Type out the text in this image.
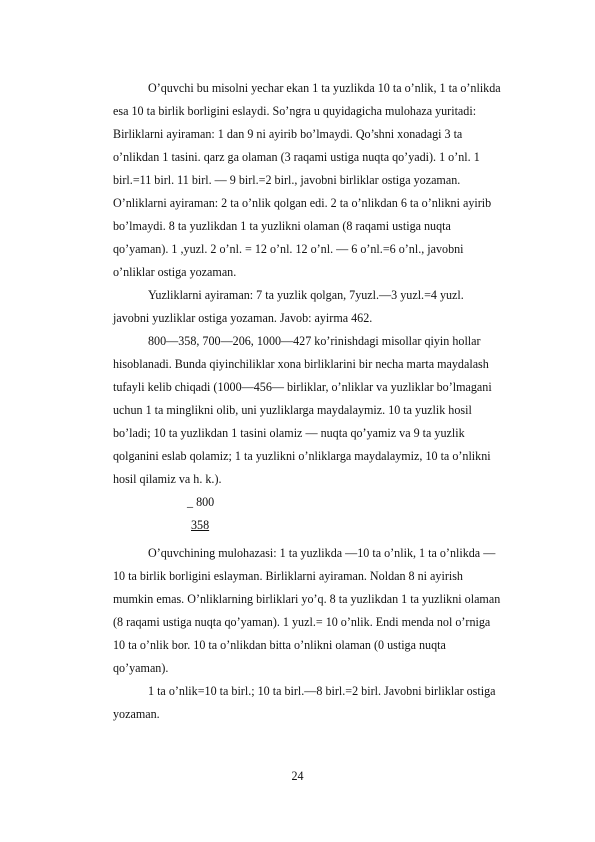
O’quvchi bu misolni yechar ekan 1 ta yuzlikda 10 ta o’nlik, 1 ta o’nlikda
esa 10 ta birlik borligini eslaydi. So’ngra u quyidagicha mulohaza yuritadi:
Birliklarni ayiraman: 1 dan 9 ni ayirib bo’lmaydi. Qo’shni xonadagi 3 ta
o’nlikdan 1 tasini. qarz ga olaman (3 raqami ustiga nuqta qo’yadi). 1 o’nl. 1
birl.=11 birl. 11 birl. — 9 birl.=2 birl., javobni birliklar ostiga yozaman.
O’nliklarni ayiraman: 2 ta o’nlik qolgan edi. 2 ta o’nlikdan 6 ta o’nlikni ayirib
bo’lmaydi. 8 ta yuzlikdan 1 ta yuzlikni olaman (8 raqami ustiga nuqta
qo’yaman). 1 ,yuzl. 2 o’nl. = 12 o’nl. 12 o’nl. — 6 o’nl.=6 o’nl., javobni
o’nliklar ostiga yozaman.
Yuzliklarni ayiraman: 7 ta yuzlik qolgan, 7yuzl.—3 yuzl.=4 yuzl.
javobni yuzliklar ostiga yozaman. Javob: ayirma 462.
800—358, 700—206, 1000—427 ko’rinishdagi misollar qiyin hollar
hisoblanadi. Bunda qiyinchiliklar xona birliklarini bir necha marta maydalash
tufayli kelib chiqadi (1000—456— birliklar, o’nliklar va yuzliklar bo’lmagani
uchun 1 ta minglikni olib, uni yuzliklarga maydalaymiz. 10 ta yuzlik hosil
bo’ladi; 10 ta yuzlikdan 1 tasini olamiz — nuqta qo’yamiz va 9 ta yuzlik
qolganini eslab qolamiz; 1 ta yuzlikni o’nliklarga maydalaymiz, 10 ta o’nlikni
hosil qilamiz va h. k.).
_ 800
358
O’quvchining mulohazasi: 1 ta yuzlikda —10 ta o’nlik, 1 ta o’nlikda —
10 ta birlik borligini eslayman. Birliklarni ayiraman. Noldan 8 ni ayirish
mumkin emas. O’nliklarning birliklari yo’q. 8 ta yuzlikdan 1 ta yuzlikni olaman
(8 raqami ustiga nuqta qo’yaman). 1 yuzl.= 10 o’nlik. Endi menda nol o’rniga
10 ta o’nlik bor. 10 ta o’nlikdan bitta o’nlikni olaman (0 ustiga nuqta
qo’yaman).
1 ta o’nlik=10 ta birl.; 10 ta birl.—8 birl.=2 birl. Javobni birliklar ostiga
yozaman.
24
